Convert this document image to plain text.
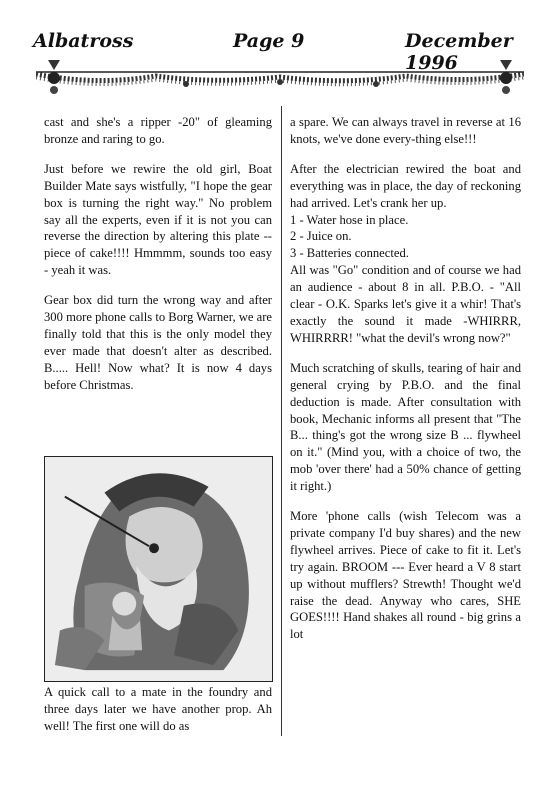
Albatross	Page 9	December 1996

cast and she's a ripper -20" of gleaming bronze and raring to go.

Just before we rewire the old girl, Boat Builder Mate says wistfully, "I hope the gear box is turning the right way." No problem say all the experts, even if it is not you can reverse the direction by altering this plate -- piece of cake!!!! Hmmmm, sounds too easy - yeah it was.

Gear box did turn the wrong way and after 300 more phone calls to Borg Warner, we are finally told that this is the only model they ever made that doesn't alter as described. B..... Hell! Now what? It is now 4 days before Christmas.

A quick call to a mate in the foundry and three days later we have another prop. Ah well! The first one will do as

a spare. We can always travel in reverse at 16 knots, we've done every-thing else!!!

After the electrician rewired the boat and everything was in place, the day of reckoning had arrived. Let's crank her up.

1 - Water hose in place.

2 - Juice on.

3 - Batteries connected.

All was "Go" condition and of course we had an audience - about 8 in all. P.B.O. - "All clear - O.K. Sparks let's give it a whir! That's exactly the sound it made -WHIRRR, WHIRRRR! "what the devil's wrong now?"

Much scratching of skulls, tearing of hair and general crying by P.B.O. and the final deduction is made. After consultation with book, Mechanic informs all present that "The B... thing's got the wrong size B ... flywheel on it." (Mind you, with a choice of two, the mob 'over there' had a 50% chance of getting it right.)

More 'phone calls (wish Telecom was a private company I'd buy shares) and the new flywheel arrives. Piece of cake to fit it. Let's try again. BROOM --- Ever heard a V 8 start up without mufflers? Strewth! Thought we'd raise the dead. Anyway who cares, SHE GOES!!!! Hand shakes all round - big grins a lot
